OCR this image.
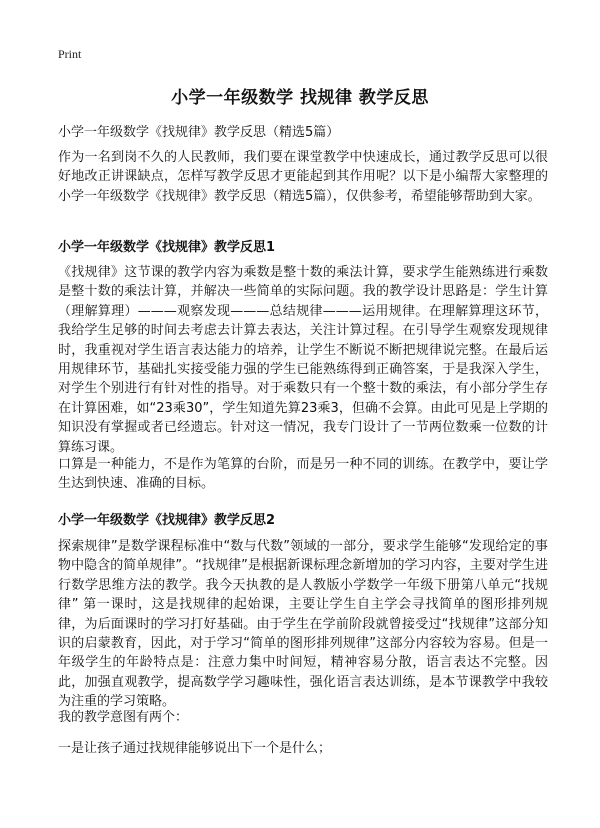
Print
小学一年级数学 找规律 教学反思
小学一年级数学《找规律》教学反思（精选5篇）
作为一名到岗不久的人民教师，我们要在课堂教学中快速成长，通过教学反思可以很好地改正讲课缺点，怎样写教学反思才更能起到其作用呢？以下是小编帮大家整理的小学一年级数学《找规律》教学反思（精选5篇），仅供参考，希望能够帮助到大家。
小学一年级数学《找规律》教学反思1
《找规律》这节课的教学内容为乘数是整十数的乘法计算，要求学生能熟练进行乘数是整十数的乘法计算，并解决一些简单的实际问题。我的教学设计思路是：学生计算（理解算理）———观察发现———总结规律———运用规律。在理解算理这环节，我给学生足够的时间去考虑去计算去表达，关注计算过程。在引导学生观察发现规律时，我重视对学生语言表达能力的培养，让学生不断说不断把规律说完整。在最后运用规律环节，基础扎实接受能力强的学生已能熟练得到正确答案，于是我深入学生，对学生个别进行有针对性的指导。对于乘数只有一个整十数的乘法，有小部分学生存在计算困难，如“23乘30”，学生知道先算23乘3，但确不会算。由此可见是上学期的知识没有掌握或者已经遗忘。针对这一情况，我专门设计了一节两位数乘一位数的计算练习课。
口算是一种能力，不是作为笔算的台阶，而是另一种不同的训练。在教学中，要让学生达到快速、准确的目标。
小学一年级数学《找规律》教学反思2
探索规律”是数学课程标准中“数与代数”领域的一部分，要求学生能够“发现给定的事物中隐含的简单规律”。“找规律”是根据新课标理念新增加的学习内容，主要对学生进行数学思维方法的教学。我今天执教的是人教版小学数学一年级下册第八单元“找规律” 第一课时，这是找规律的起始课，主要让学生自主学会寻找简单的图形排列规律，为后面课时的学习打好基础。由于学生在学前阶段就曾接受过“找规律”这部分知识的启蒙教育，因此，对于学习“简单的图形排列规律”这部分内容较为容易。但是一年级学生的年龄特点是：注意力集中时间短，精神容易分散，语言表达不完整。因此，加强直观教学，提高数学学习趣味性，强化语言表达训练，是本节课教学中我较为注重的学习策略。
我的教学意图有两个：
一是让孩子通过找规律能够说出下一个是什么；
